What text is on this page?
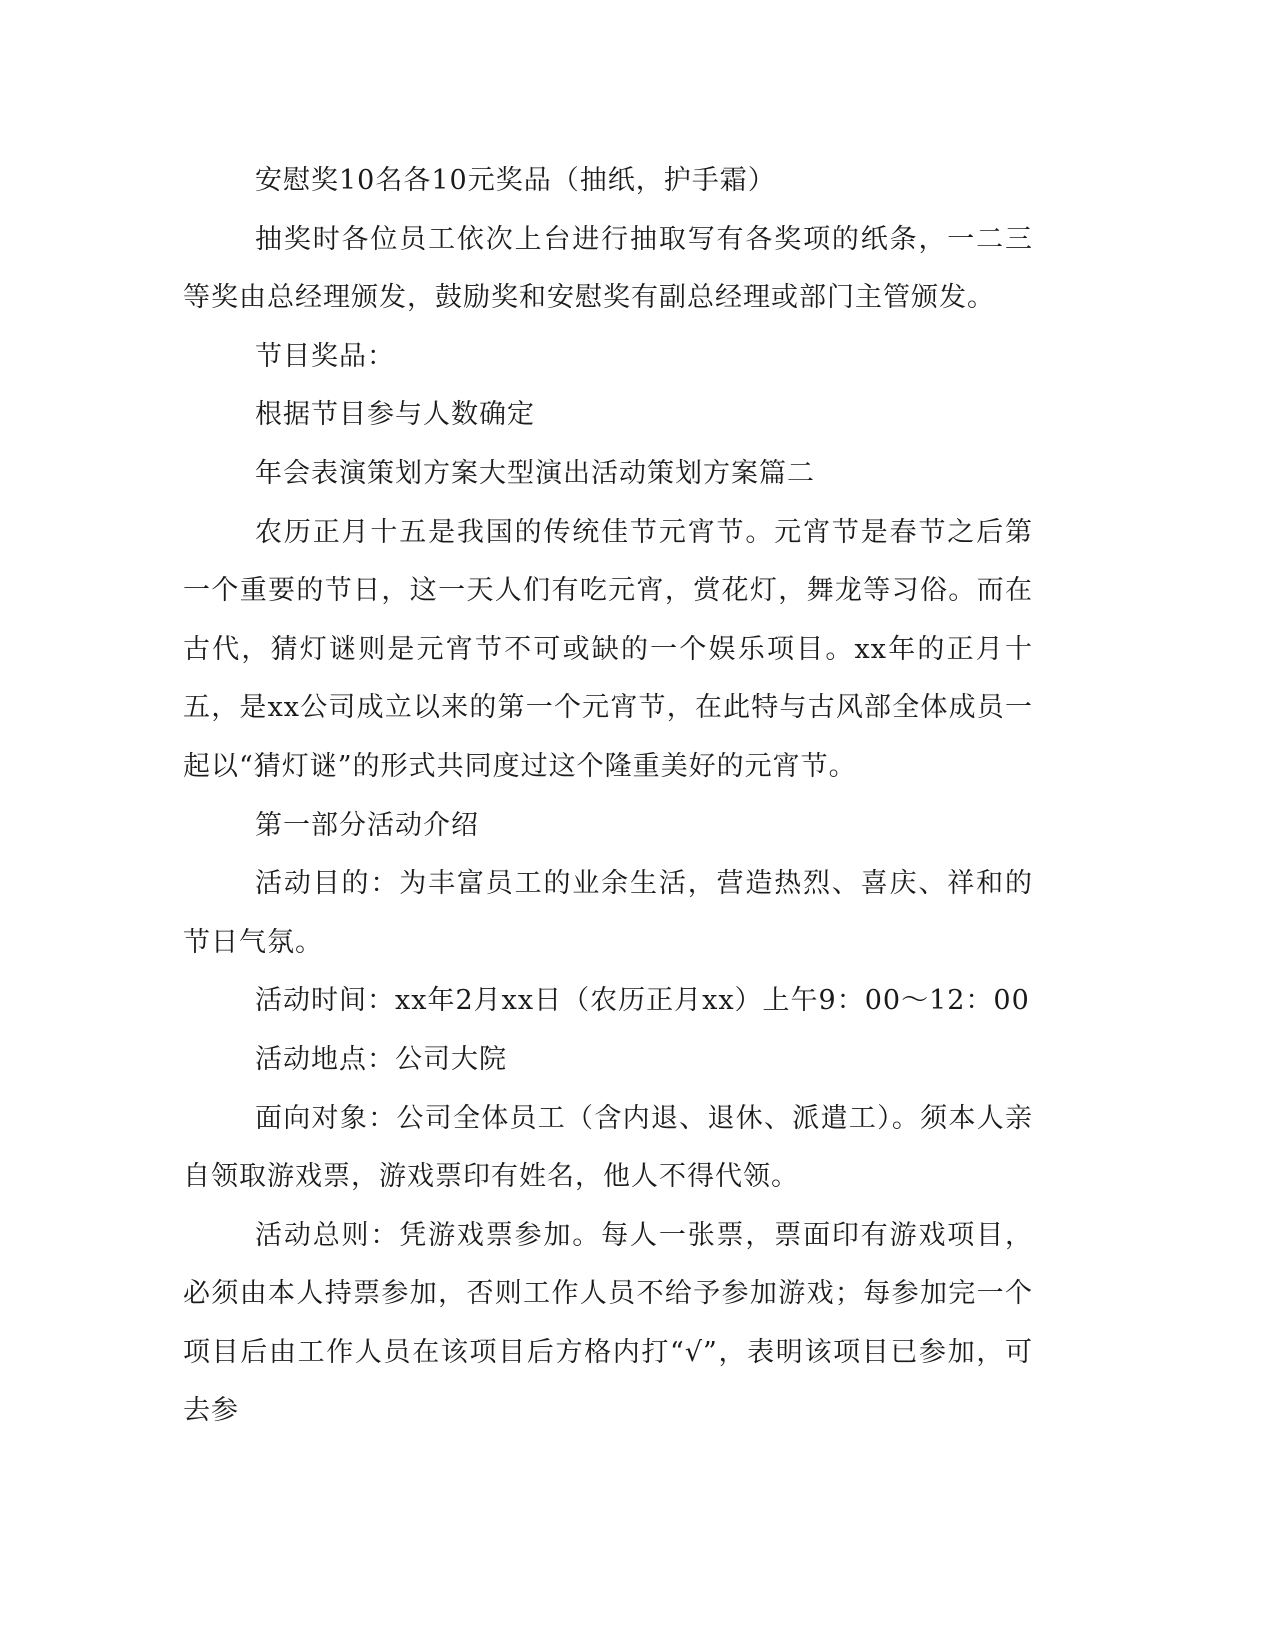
安慰奖10名各10元奖品（抽纸，护手霜）

抽奖时各位员工依次上台进行抽取写有各奖项的纸条，一二三等奖由总经理颁发，鼓励奖和安慰奖有副总经理或部门主管颁发。

节目奖品：

根据节目参与人数确定

年会表演策划方案大型演出活动策划方案篇二

农历正月十五是我国的传统佳节元宵节。元宵节是春节之后第一个重要的节日，这一天人们有吃元宵，赏花灯，舞龙等习俗。而在古代，猜灯谜则是元宵节不可或缺的一个娱乐项目。xx年的正月十五，是xx公司成立以来的第一个元宵节，在此特与古风部全体成员一起以“猜灯谜”的形式共同度过这个隆重美好的元宵节。

第一部分活动介绍

活动目的：为丰富员工的业余生活，营造热烈、喜庆、祥和的节日气氛。

活动时间：xx年2月xx日（农历正月xx）上午9：00～12：00

活动地点：公司大院

面向对象：公司全体员工（含内退、退休、派遣工）。须本人亲自领取游戏票，游戏票印有姓名，他人不得代领。

活动总则：凭游戏票参加。每人一张票，票面印有游戏项目，必须由本人持票参加，否则工作人员不给予参加游戏；每参加完一个项目后由工作人员在该项目后方格内打“√”，表明该项目已参加，可去参
